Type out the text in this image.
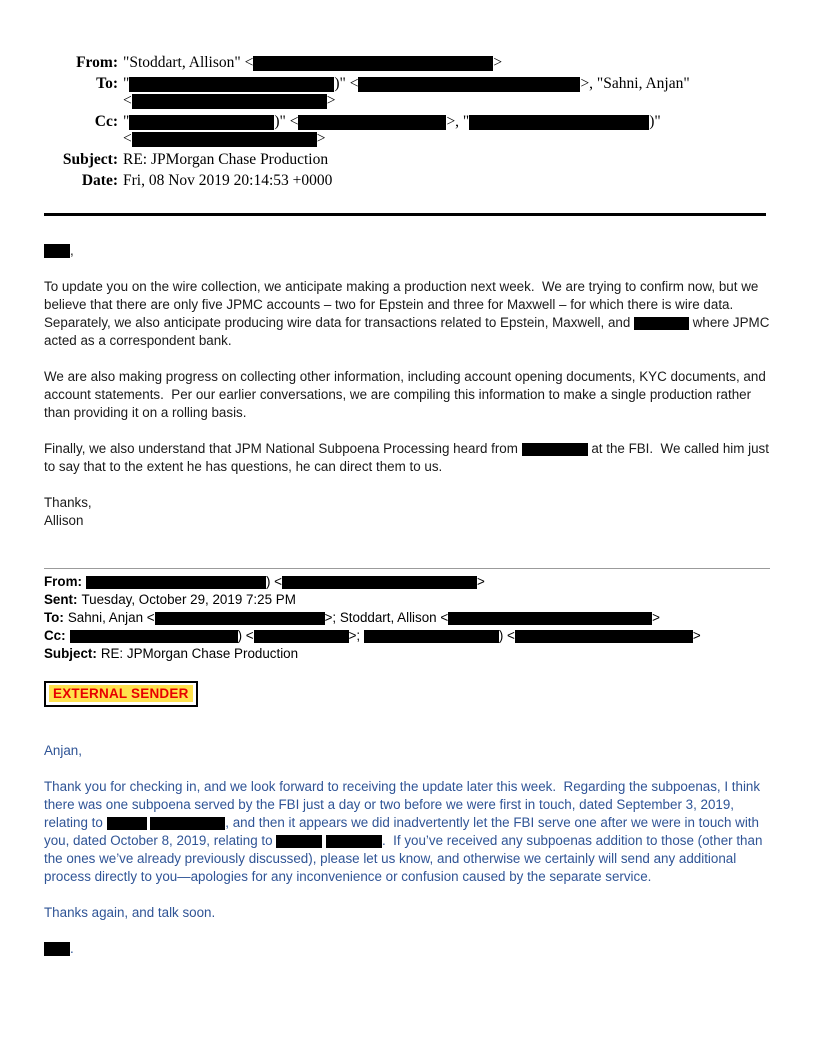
From: "Stoddart, Allison" <	>
To: "	)" <	>, "Sahni, Anjan"
<	>
Cc: "	)" <	>, "	)"
<	>
Subject: RE: JPMorgan Chase Production
Date: Fri, 08 Nov 2019 20:14:53 +0000
,

To update you on the wire collection, we anticipate making a production next week.  We are trying to confirm now, but we believe that there are only five JPMC accounts – two for Epstein and three for Maxwell – for which there is wire data.  Separately, we also anticipate producing wire data for transactions related to Epstein, Maxwell, and	where JPMC acted as a correspondent bank.

We are also making progress on collecting other information, including account opening documents, KYC documents, and account statements.  Per our earlier conversations, we are compiling this information to make a single production rather than providing it on a rolling basis.

Finally, we also understand that JPM National Subpoena Processing heard from	at the FBI.  We called him just to say that to the extent he has questions, he can direct them to us.

Thanks,
Allison
From:	) <	>
Sent: Tuesday, October 29, 2019 7:25 PM
To: Sahni, Anjan <	>; Stoddart, Allison <	>
Cc:	) <	>;	) <	>
Subject: RE: JPMorgan Chase Production
EXTERNAL SENDER
Anjan,

Thank you for checking in, and we look forward to receiving the update later this week.  Regarding the subpoenas, I think there was one subpoena served by the FBI just a day or two before we were first in touch, dated September 3, 2019, relating to	, and then it appears we did inadvertently let the FBI serve one after we were in touch with you, dated October 8, 2019, relating to	.  If you’ve received any subpoenas addition to those (other than the ones we’ve already previously discussed), please let us know, and otherwise we certainly will send any additional process directly to you—apologies for any inconvenience or confusion caused by the separate service.

Thanks again, and talk soon.

.
